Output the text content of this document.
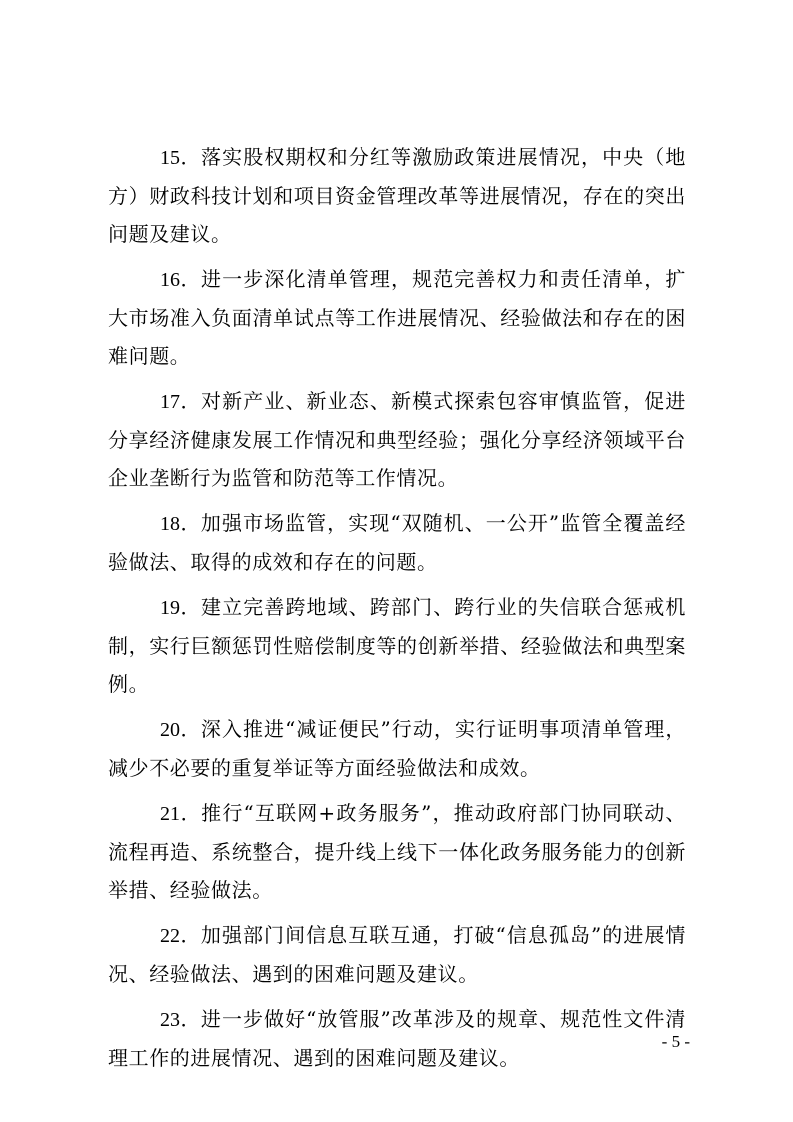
15．落实股权期权和分红等激励政策进展情况，中央（地方）财政科技计划和项目资金管理改革等进展情况，存在的突出问题及建议。

16．进一步深化清单管理，规范完善权力和责任清单，扩大市场准入负面清单试点等工作进展情况、经验做法和存在的困难问题。

17．对新产业、新业态、新模式探索包容审慎监管，促进分享经济健康发展工作情况和典型经验；强化分享经济领域平台企业垄断行为监管和防范等工作情况。

18．加强市场监管，实现“双随机、一公开”监管全覆盖经验做法、取得的成效和存在的问题。

19．建立完善跨地域、跨部门、跨行业的失信联合惩戒机制，实行巨额惩罚性赔偿制度等的创新举措、经验做法和典型案例。

20．深入推进“减证便民”行动，实行证明事项清单管理，减少不必要的重复举证等方面经验做法和成效。

21．推行“互联网+政务服务”，推动政府部门协同联动、流程再造、系统整合，提升线上线下一体化政务服务能力的创新举措、经验做法。

22．加强部门间信息互联互通，打破“信息孤岛”的进展情况、经验做法、遇到的困难问题及建议。

23．进一步做好“放管服”改革涉及的规章、规范性文件清理工作的进展情况、遇到的困难问题及建议。

- 5 -
